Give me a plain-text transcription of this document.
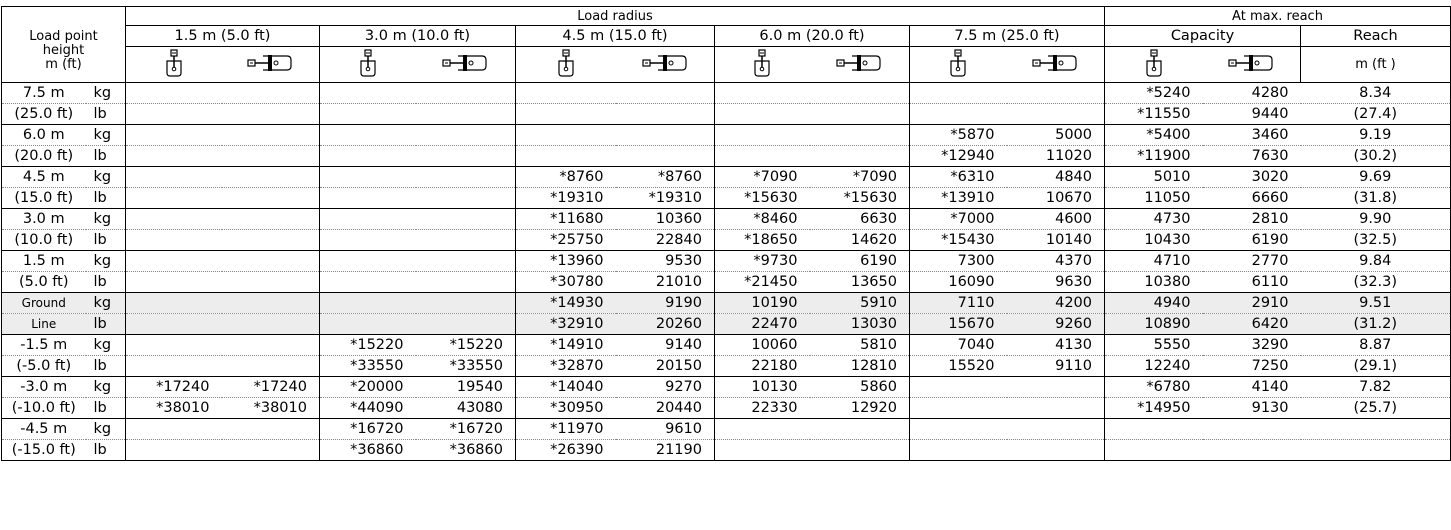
Load point
height
m (ft)		Load radius										At max. reach		
		1.5 m (5.0 ft)		3.0 m (10.0 ft)		4.5 m (15.0 ft)		6.0 m (20.0 ft)		7.5 m (25.0 ft)		Capacity		Reach
												m (ft )
7.5 m	kg											*5240	4280	8.34
(25.0 ft)	lb											*11550	9440	(27.4)
6.0 m	kg									*5870	5000	*5400	3460	9.19
(20.0 ft)	lb									*12940	11020	*11900	7630	(30.2)
4.5 m	kg					*8760	*8760	*7090	*7090	*6310	4840	5010	3020	9.69
(15.0 ft)	lb					*19310	*19310	*15630	*15630	*13910	10670	11050	6660	(31.8)
3.0 m	kg					*11680	10360	*8460	6630	*7000	4600	4730	2810	9.90
(10.0 ft)	lb					*25750	22840	*18650	14620	*15430	10140	10430	6190	(32.5)
1.5 m	kg					*13960	9530	*9730	6190	7300	4370	4710	2770	9.84
(5.0 ft)	lb					*30780	21010	*21450	13650	16090	9630	10380	6110	(32.3)
Ground	kg					*14930	9190	10190	5910	7110	4200	4940	2910	9.51
Line	lb					*32910	20260	22470	13030	15670	9260	10890	6420	(31.2)
-1.5 m	kg			*15220	*15220	*14910	9140	10060	5810	7040	4130	5550	3290	8.87
(-5.0 ft)	lb			*33550	*33550	*32870	20150	22180	12810	15520	9110	12240	7250	(29.1)
-3.0 m	kg	*17240	*17240	*20000	19540	*14040	9270	10130	5860			*6780	4140	7.82
(-10.0 ft)	lb	*38010	*38010	*44090	43080	*30950	20440	22330	12920			*14950	9130	(25.7)
-4.5 m	kg			*16720	*16720	*11970	9610							
(-15.0 ft)	lb			*36860	*36860	*26390	21190							
